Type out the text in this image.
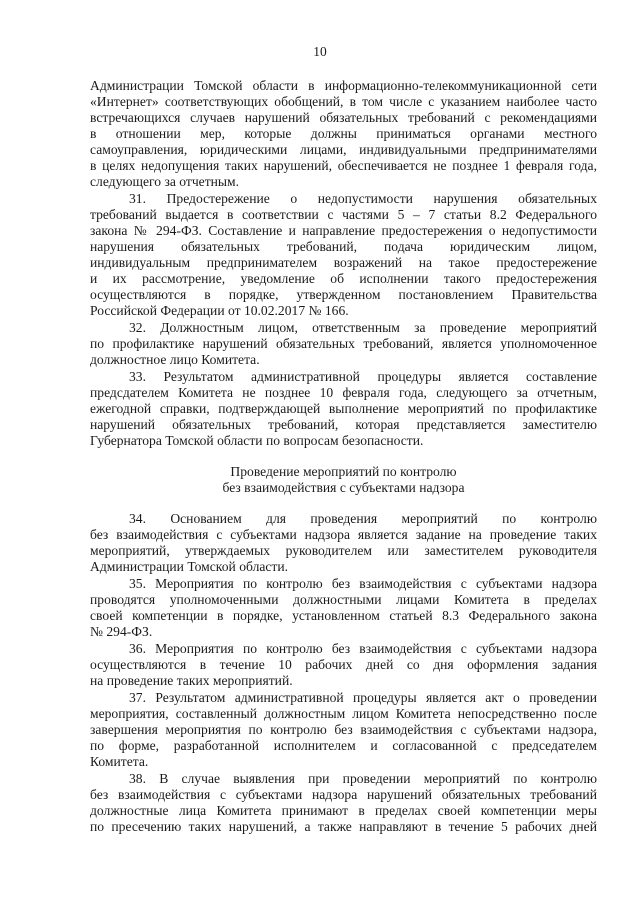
10
Администрации Томской области в информационно-телекоммуникационной сети
«Интернет» соответствующих обобщений, в том числе с указанием наиболее часто
встречающихся случаев нарушений обязательных требований с рекомендациями
в отношении мер, которые должны приниматься органами местного
самоуправления, юридическими лицами, индивидуальными предпринимателями
в целях недопущения таких нарушений, обеспечивается не позднее 1 февраля года,
следующего за отчетным.
31. Предостережение о недопустимости нарушения обязательных
требований выдается в соответствии с частями 5 – 7 статьи 8.2 Федерального
закона № 294-ФЗ. Составление и направление предостережения о недопустимости
нарушения обязательных требований, подача юридическим лицом,
индивидуальным предпринимателем возражений на такое предостережение
и их рассмотрение, уведомление об исполнении такого предостережения
осуществляются в порядке, утвержденном постановлением Правительства
Российской Федерации от 10.02.2017 № 166.
32. Должностным лицом, ответственным за проведение мероприятий
по профилактике нарушений обязательных требований, является уполномоченное
должностное лицо Комитета.
33. Результатом административной процедуры является составление
предсдателем Комитета не позднее 10 февраля года, следующего за отчетным,
ежегодной справки, подтверждающей выполнение мероприятий по профилактике
нарушений обязательных требований, которая представляется заместителю
Губернатора Томской области по вопросам безопасности.
Проведение мероприятий по контролю
без взаимодействия с субъектами надзора
34. Основанием для проведения мероприятий по контролю
без взаимодействия с субъектами надзора является задание на проведение таких
мероприятий, утверждаемых руководителем или заместителем руководителя
Администрации Томской области.
35. Мероприятия по контролю без взаимодействия с субъектами надзора
проводятся уполномоченными должностными лицами Комитета в пределах
своей компетенции в порядке, установленном статьей 8.3 Федерального закона
№ 294-ФЗ.
36. Мероприятия по контролю без взаимодействия с субъектами надзора
осуществляются в течение 10 рабочих дней со дня оформления задания
на проведение таких мероприятий.
37. Результатом административной процедуры является акт о проведении
мероприятия, составленный должностным лицом Комитета непосредственно после
завершения мероприятия по контролю без взаимодействия с субъектами надзора,
по форме, разработанной исполнителем и согласованной с председателем
Комитета.
38. В случае выявления при проведении мероприятий по контролю
без взаимодействия с субъектами надзора нарушений обязательных требований
должностные лица Комитета принимают в пределах своей компетенции меры
по пресечению таких нарушений, а также направляют в течение 5 рабочих дней
